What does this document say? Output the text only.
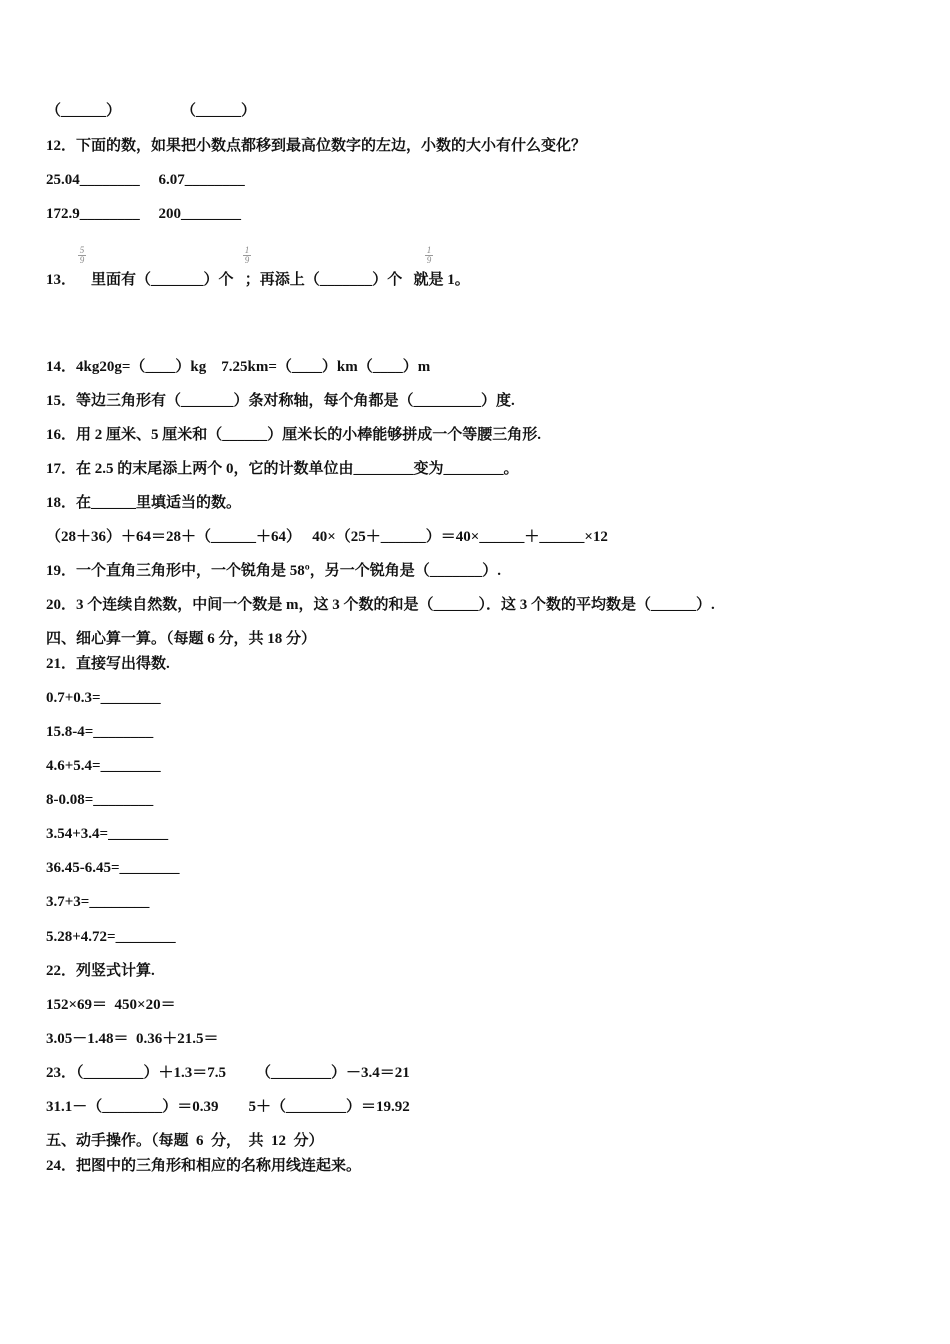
（______）                （______）
12．下面的数，如果把小数点都移到最高位数字的左边，小数的大小有什么变化？
25.04________     6.07________
172.9________     200________
5
9
1
9
1
9
13．    里面有（_______）个   ；再添上（_______）个   就是 1。
14．4kg20g=（____）kg    7.25km=（____）km（____）m
15．等边三角形有（_______）条对称轴，每个角都是（_________）度.
16．用 2 厘米、5 厘米和（______）厘米长的小棒能够拼成一个等腰三角形.
17．在 2.5 的末尾添上两个 0，它的计数单位由________变为________。
18．在______里填适当的数。
（28＋36）＋64＝28＋（______＋64）   40×（25＋______）＝40×______＋______×12
19．一个直角三角形中，一个锐角是 58º，另一个锐角是（_______）.
20．3 个连续自然数，中间一个数是 m，这 3 个数的和是（______）．这 3 个数的平均数是（______）.
四、细心算一算。（每题 6 分，共 18 分）
21．直接写出得数.
0.7+0.3=________
15.8-4=________
4.6+5.4=________
8-0.08=________
3.54+3.4=________
36.45-6.45=________
3.7+3=________
5.28+4.72=________
22．列竖式计算.
152×69＝  450×20＝
3.05－1.48＝  0.36＋21.5＝
23．（________）＋1.3＝7.5        （________）－3.4＝21
31.1－（________）＝0.39        5＋（________）＝19.92
五、动手操作。（每题  6  分，  共  12  分）
24．把图中的三角形和相应的名称用线连起来。
